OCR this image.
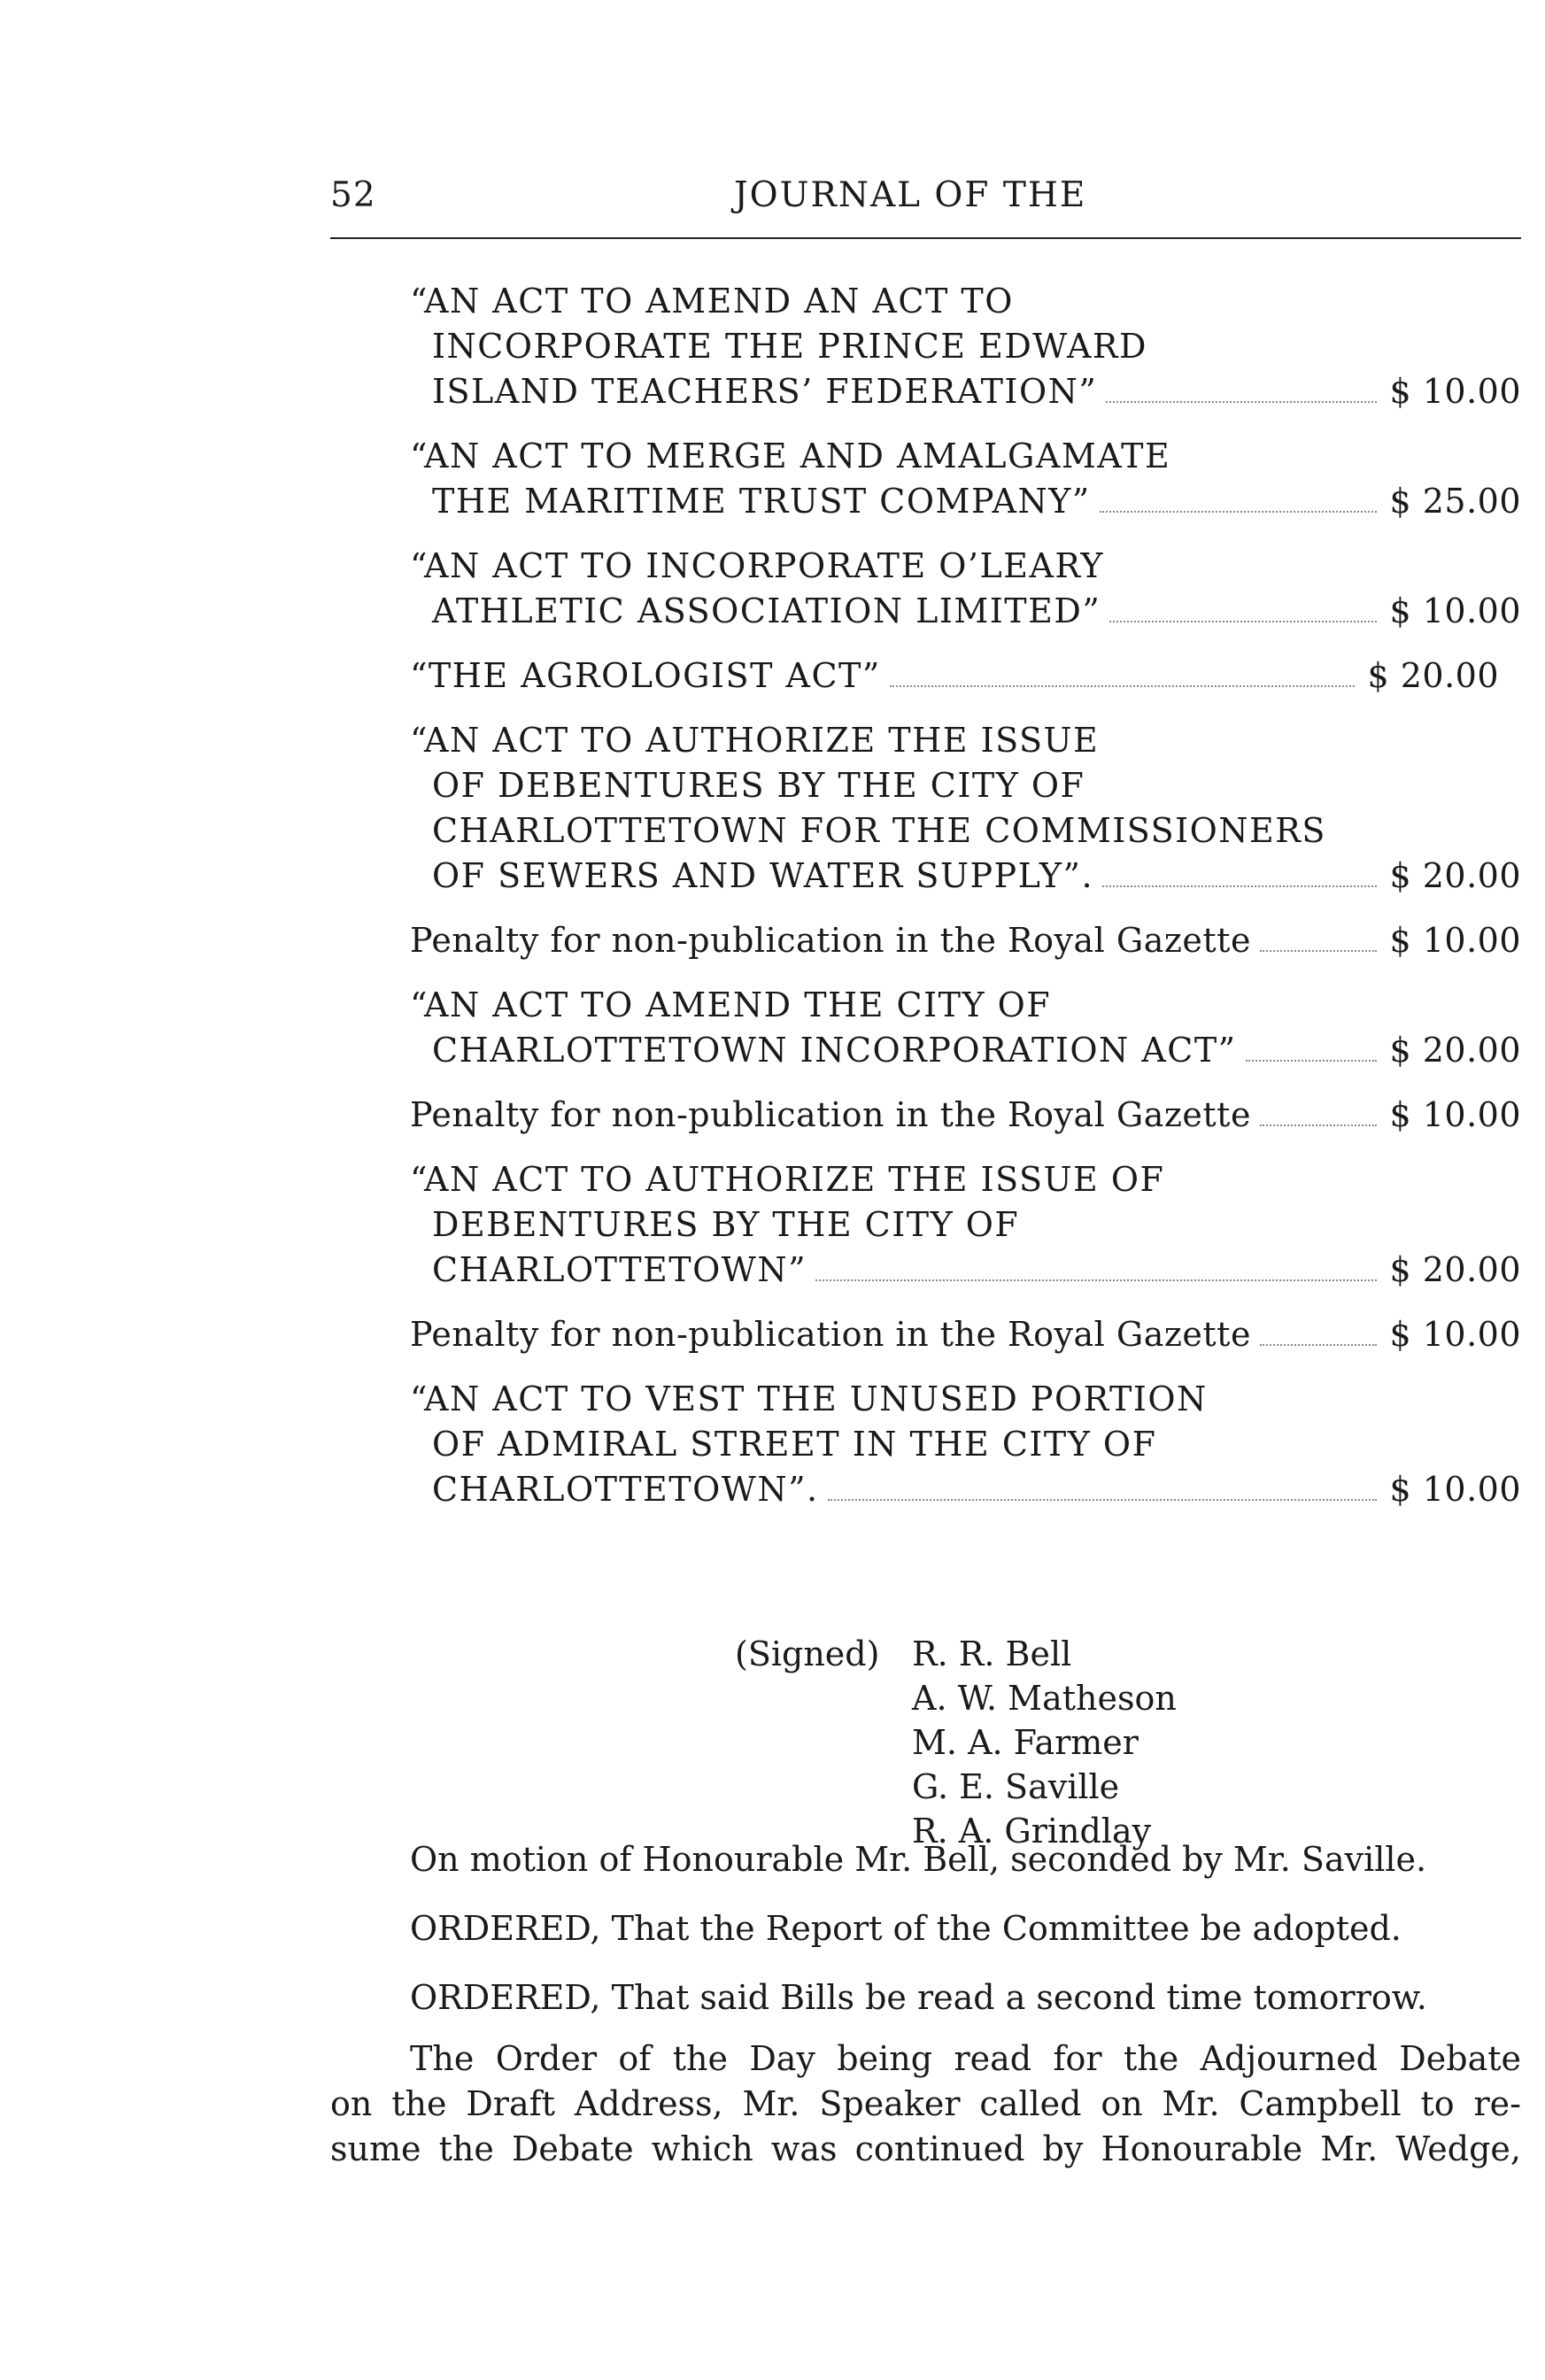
52	JOURNAL OF THE
“AN ACT TO AMEND AN ACT TO
INCORPORATE THE PRINCE EDWARD
ISLAND TEACHERS’ FEDERATION”	$ 10.00
“AN ACT TO MERGE AND AMALGAMATE
THE MARITIME TRUST COMPANY”	$ 25.00
“AN ACT TO INCORPORATE O’LEARY
ATHLETIC ASSOCIATION LIMITED”	$ 10.00
“THE AGROLOGIST ACT”	$ 20.00
“AN ACT TO AUTHORIZE THE ISSUE
OF DEBENTURES BY THE CITY OF
CHARLOTTETOWN FOR THE COMMISSIONERS
OF SEWERS AND WATER SUPPLY”.	$ 20.00
Penalty for non-publication in the Royal Gazette	$ 10.00
“AN ACT TO AMEND THE CITY OF
CHARLOTTETOWN INCORPORATION ACT”	$ 20.00
Penalty for non-publication in the Royal Gazette	$ 10.00
“AN ACT TO AUTHORIZE THE ISSUE OF
DEBENTURES BY THE CITY OF
CHARLOTTETOWN”	$ 20.00
Penalty for non-publication in the Royal Gazette	$ 10.00
“AN ACT TO VEST THE UNUSED PORTION
OF ADMIRAL STREET IN THE CITY OF
CHARLOTTETOWN”.	$ 10.00
(Signed) R. R. Bell
A. W. Matheson
M. A. Farmer
G. E. Saville
R. A. Grindlay
On motion of Honourable Mr. Bell, seconded by Mr. Saville.
ORDERED, That the Report of the Committee be adopted.
ORDERED, That said Bills be read a second time tomorrow.
The Order of the Day being read for the Adjourned Debate
on the Draft Address, Mr. Speaker called on Mr. Campbell to re-
sume the Debate which was continued by Honourable Mr. Wedge,
